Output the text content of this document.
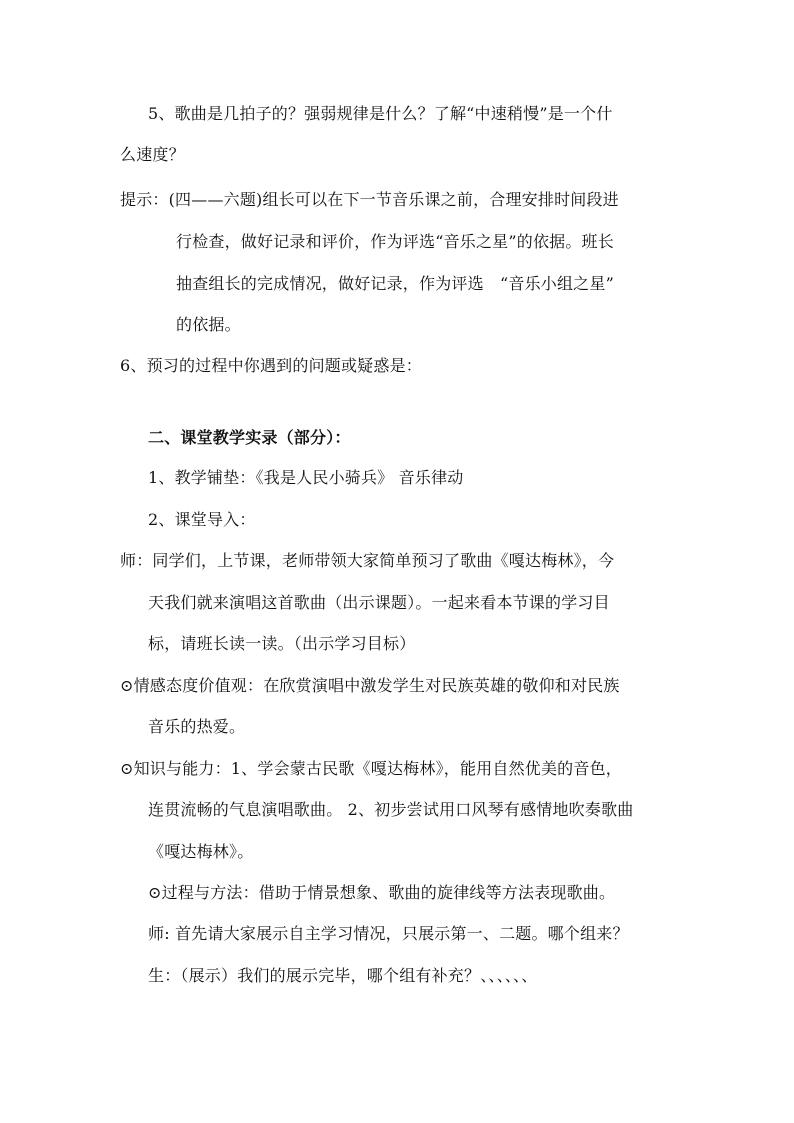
5、歌曲是几拍子的？强弱规律是什么？了解“中速稍慢”是一个什
么速度？
提示：(四——六题)组长可以在下一节音乐课之前，合理安排时间段进
行检查，做好记录和评价，作为评选“音乐之星”的依据。班长
抽查组长的完成情况，做好记录，作为评选　“音乐小组之星”
的依据。
6、预习的过程中你遇到的问题或疑惑是：
二、课堂教学实录（部分）：
1、教学铺垫：《我是人民小骑兵》 音乐律动
2、课堂导入：
师：同学们，上节课，老师带领大家简单预习了歌曲《嘎达梅林》，今
天我们就来演唱这首歌曲（出示课题）。一起来看本节课的学习目
标，请班长读一读。（出示学习目标）
⊙情感态度价值观：在欣赏演唱中激发学生对民族英雄的敬仰和对民族
音乐的热爱。
⊙知识与能力：1、学会蒙古民歌《嘎达梅林》，能用自然优美的音色，
连贯流畅的气息演唱歌曲。 2、初步尝试用口风琴有感情地吹奏歌曲
《嘎达梅林》。
⊙过程与方法：借助于情景想象、歌曲的旋律线等方法表现歌曲。
师: 首先请大家展示自主学习情况，只展示第一、二题。哪个组来？
生：（展示）我们的展示完毕，哪个组有补充？、、、、、、
